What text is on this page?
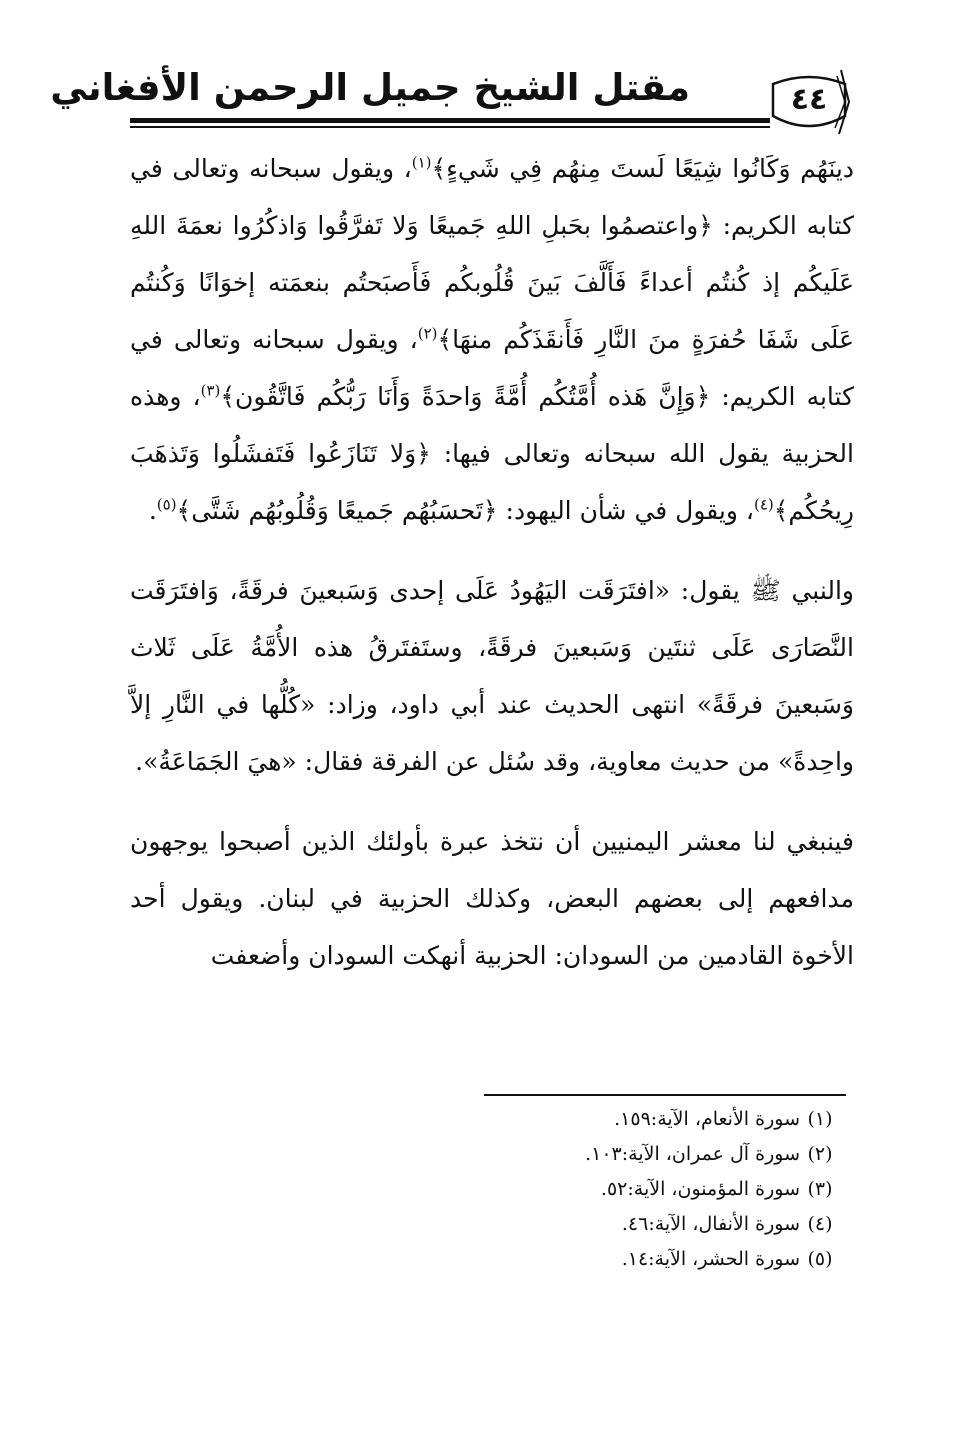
مقتل الشيخ جميل الرحمن الأفغاني	٤٤

دينَهُم وَكَانُوا شِيَعًا لَستَ مِنهُم فِي شَيءٍ﴾$^{(١)}$، ويقول سبحانه وتعالى في كتابه الكريم: ﴿واعتصمُوا بحَبلِ اللهِ جَميعًا وَلا تَفرَّقُوا وَاذكُرُوا نعمَةَ اللهِ عَلَيكُم إذ كُنتُم أعداءً فَأَلَّفَ بَينَ قُلُوبكُم فَأَصبَحتُم بنعمَته إخوَانًا وَكُنتُم عَلَى شَفَا حُفرَةٍ منَ النَّارِ فَأَنقَذَكُم منهَا﴾$^{(٢)}$، ويقول سبحانه وتعالى في كتابه الكريم: ﴿وَإِنَّ هَذه أُمَّتُكُم أُمَّةً وَاحدَةً وَأَنَا رَبُّكُم فَاتَّقُون﴾$^{(٣)}$، وهذه الحزبية يقول الله سبحانه وتعالى فيها: ﴿وَلا تَنَازَعُوا فَتَفشَلُوا وَتَذهَبَ رِيحُكُم﴾$^{(٤)}$، ويقول في شأن اليهود: ﴿تَحسَبُهُم جَميعًا وَقُلُوبُهُم شَتَّى﴾$^{(٥)}$.

والنبي ﷺ يقول: «افتَرَقَت اليَهُودُ عَلَى إحدى وَسَبعينَ فرقَةً، وَافتَرَقَت النَّصَارَى عَلَى ثنتَين وَسَبعينَ فرقَةً، وستَفتَرقُ هذه الأُمَّةُ عَلَى ثَلاث وَسَبعينَ فرقَةً» انتهى الحديث عند أبي داود، وزاد: «كُلُّها في النَّارِ إلاَّ واحِدةً» من حديث معاوية، وقد سُئل عن الفرقة فقال: «هيَ الجَمَاعَةُ».

فينبغي لنا معشر اليمنيين أن نتخذ عبرة بأولئك الذين أصبحوا يوجهون مدافعهم إلى بعضهم البعض، وكذلك الحزبية في لبنان. ويقول أحد الأخوة القادمين من السودان: الحزبية أنهكت السودان وأضعفت

(١)سورة الأنعام، الآية:١٥٩.
(٢)سورة آل عمران، الآية:١٠٣.
(٣)سورة المؤمنون، الآية:٥٢.
(٤)سورة الأنفال، الآية:٤٦.
(٥)سورة الحشر، الآية:١٤.
